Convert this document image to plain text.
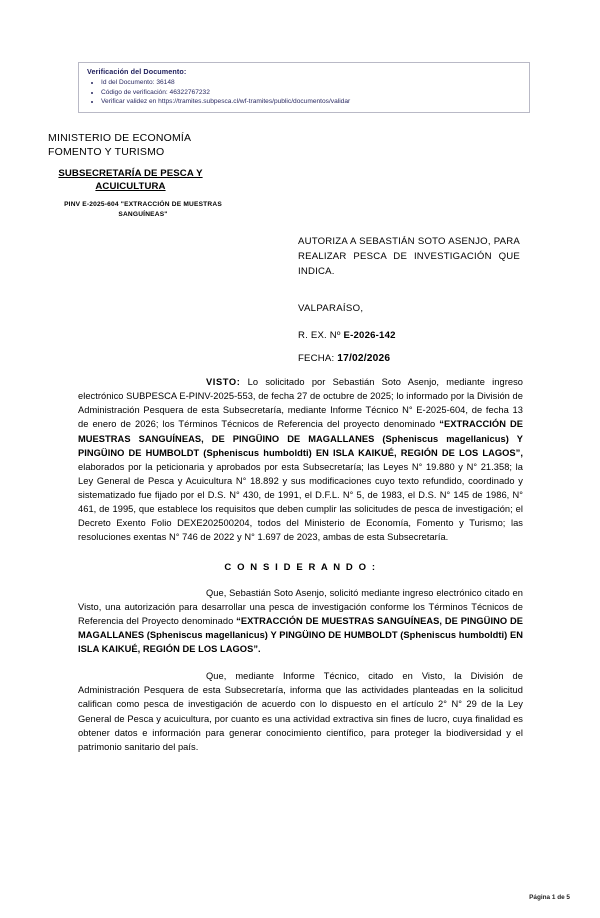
Verificación del Documento:
• Id del Documento: 36148
• Código de verificación: 46322767232
• Verificar validez en https://tramites.subpesca.cl/wf-tramites/public/documentos/validar
MINISTERIO DE ECONOMÍA
FOMENTO Y TURISMO
SUBSECRETARÍA DE PESCA Y ACUICULTURA
PINV E-2025-604 "EXTRACCIÓN DE MUESTRAS SANGUÍNEAS"
AUTORIZA A SEBASTIÁN SOTO ASENJO, PARA REALIZAR PESCA DE INVESTIGACIÓN QUE INDICA.
VALPARAÍSO,
R. EX. Nº E-2026-142
FECHA: 17/02/2026

VISTO: Lo solicitado por Sebastián Soto Asenjo, mediante ingreso electrónico SUBPESCA E-PINV-2025-553, de fecha 27 de octubre de 2025; lo informado por la División de Administración Pesquera de esta Subsecretaría, mediante Informe Técnico N° E-2025-604, de fecha 13 de enero de 2026; los Términos Técnicos de Referencia del proyecto denominado “EXTRACCIÓN DE MUESTRAS SANGUÍNEAS, DE PINGÜINO DE MAGALLANES (Spheniscus magellanicus) Y PINGÜINO DE HUMBOLDT (Spheniscus humboldti) EN ISLA KAIKUÉ, REGIÓN DE LOS LAGOS”, elaborados por la peticionaria y aprobados por esta Subsecretaría; las Leyes N° 19.880 y N° 21.358; la Ley General de Pesca y Acuicultura N° 18.892 y sus modificaciones cuyo texto refundido, coordinado y sistematizado fue fijado por el D.S. N° 430, de 1991, el D.F.L. N° 5, de 1983, el D.S. N° 145 de 1986, N° 461, de 1995, que establece los requisitos que deben cumplir las solicitudes de pesca de investigación; el Decreto Exento Folio DEXE202500204, todos del Ministerio de Economía, Fomento y Turismo; las resoluciones exentas N° 746 de 2022 y N° 1.697 de 2023, ambas de esta Subsecretaría.

C O N S I D E R A N D O :

Que, Sebastián Soto Asenjo, solicitó mediante ingreso electrónico citado en Visto, una autorización para desarrollar una pesca de investigación conforme los Términos Técnicos de Referencia del Proyecto denominado “EXTRACCIÓN DE MUESTRAS SANGUÍNEAS, DE PINGÜINO DE MAGALLANES (Spheniscus magellanicus) Y PINGÜINO DE HUMBOLDT (Spheniscus humboldti) EN ISLA KAIKUÉ, REGIÓN DE LOS LAGOS”.

Que, mediante Informe Técnico, citado en Visto, la División de Administración Pesquera de esta Subsecretaría, informa que las actividades planteadas en la solicitud califican como pesca de investigación de acuerdo con lo dispuesto en el artículo 2° N° 29 de la Ley General de Pesca y acuicultura, por cuanto es una actividad extractiva sin fines de lucro, cuya finalidad es obtener datos e información para generar conocimiento científico, para proteger la biodiversidad y el patrimonio sanitario del país.

Página 1 de 5
